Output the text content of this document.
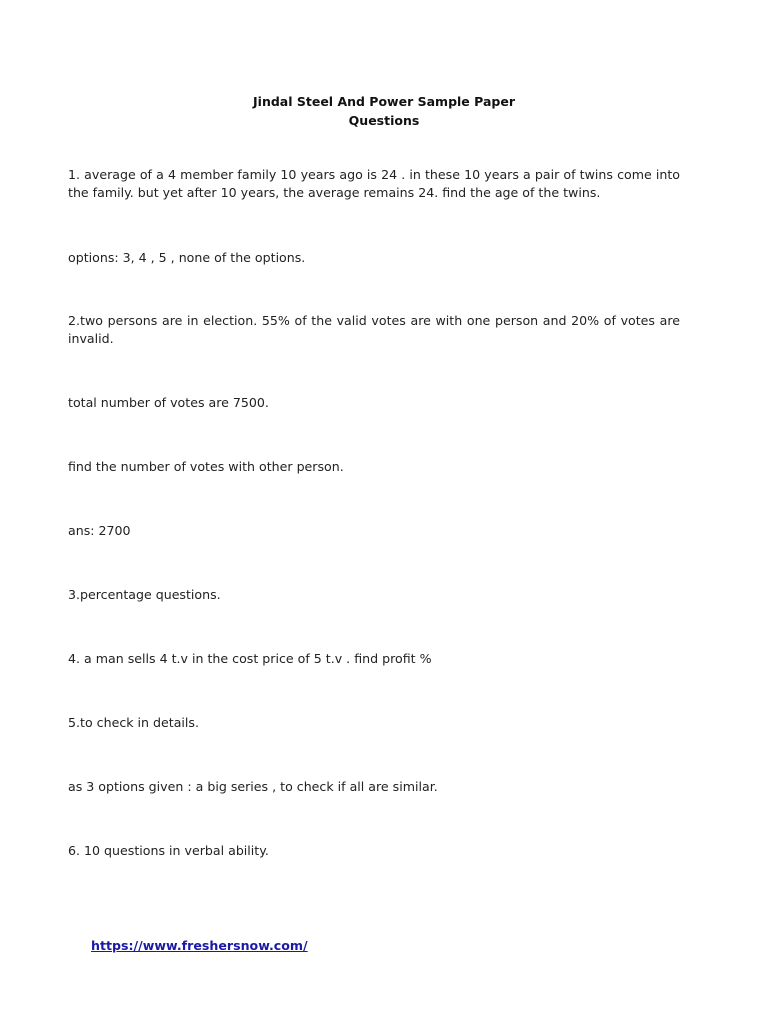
Jindal Steel And Power Sample Paper
Questions

1. average of a 4 member family 10 years ago is 24 . in these 10 years a pair of twins come into the family. but yet after 10 years, the average remains 24. find the age of the twins.

options: 3, 4 , 5 , none of the options.

2.two persons are in election. 55% of the valid votes are with one person and 20% of votes are invalid.

total number of votes are 7500.

find the number of votes with other person.

ans: 2700

3.percentage questions.

4. a man sells 4 t.v in the cost price of 5 t.v . find profit %

5.to check in details.

as 3 options given : a big series , to check if all are similar.

6. 10 questions in verbal ability.

https://www.freshersnow.com/
